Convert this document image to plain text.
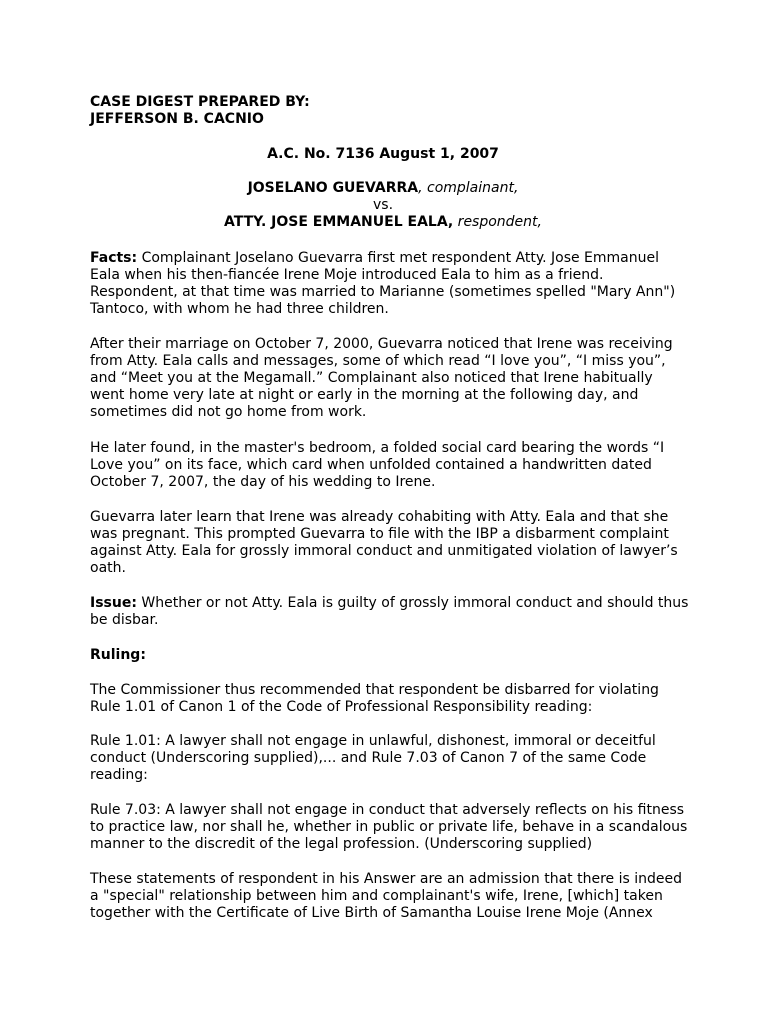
CASE DIGEST PREPARED BY:

JEFFERSON B. CACNIO

A.C. No. 7136 August 1, 2007

JOSELANO GUEVARRA, complainant,

vs.

ATTY. JOSE EMMANUEL EALA, respondent,

Facts: Complainant Joselano Guevarra first met respondent Atty. Jose Emmanuel Eala when his then-fiancée Irene Moje introduced Eala to him as a friend. Respondent, at that time was married to Marianne (sometimes spelled "Mary Ann") Tantoco, with whom he had three children.

After their marriage on October 7, 2000, Guevarra noticed that Irene was receiving from Atty. Eala calls and messages, some of which read “I love you”, “I miss you”, and “Meet you at the Megamall.” Complainant also noticed that Irene habitually went home very late at night or early in the morning at the following day, and sometimes did not go home from work.

He later found, in the master's bedroom, a folded social card bearing the words “I Love you” on its face, which card when unfolded contained a handwritten dated October 7, 2007, the day of his wedding to Irene.

Guevarra later learn that Irene was already cohabiting with Atty. Eala and that she was pregnant. This prompted Guevarra to file with the IBP a disbarment complaint against Atty. Eala for grossly immoral conduct and unmitigated violation of lawyer’s oath.

Issue: Whether or not Atty. Eala is guilty of grossly immoral conduct and should thus be disbar.

Ruling:

The Commissioner thus recommended that respondent be disbarred for violating Rule 1.01 of Canon 1 of the Code of Professional Responsibility reading:

Rule 1.01: A lawyer shall not engage in unlawful, dishonest, immoral or deceitful conduct (Underscoring supplied),... and Rule 7.03 of Canon 7 of the same Code reading:

Rule 7.03: A lawyer shall not engage in conduct that adversely reflects on his fitness to practice law, nor shall he, whether in public or private life, behave in a scandalous manner to the discredit of the legal profession. (Underscoring supplied)

These statements of respondent in his Answer are an admission that there is indeed a "special" relationship between him and complainant's wife, Irene, [which] taken together with the Certificate of Live Birth of Samantha Louise Irene Moje (Annex
